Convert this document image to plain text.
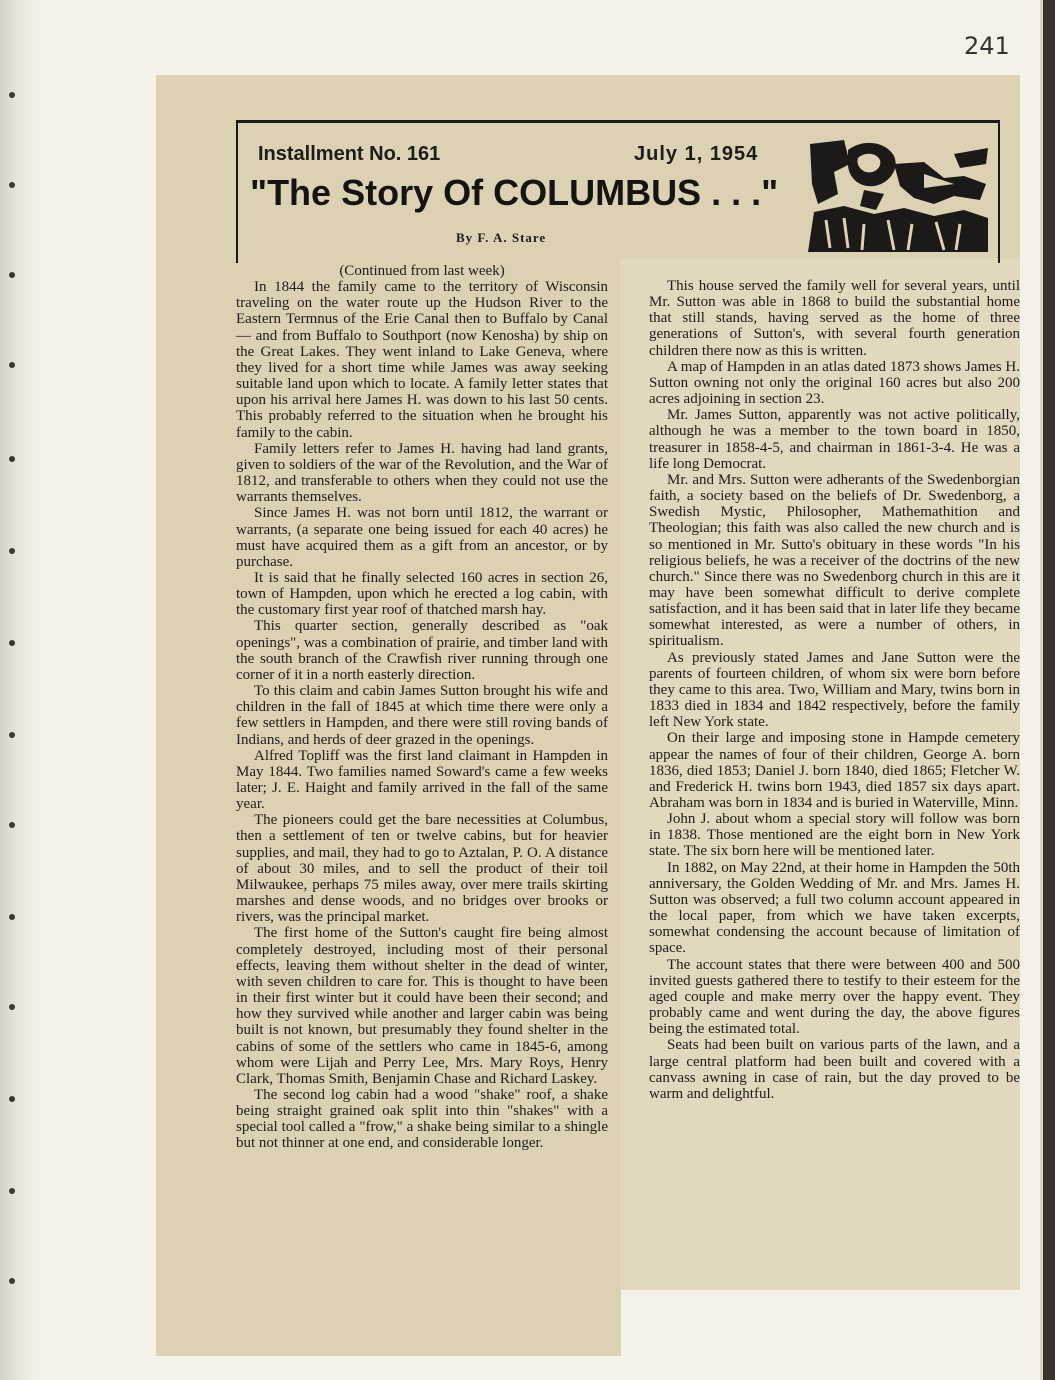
241
Installment No. 161	July 1, 1954
"The Story Of COLUMBUS . . ."
By F. A. Stare

(Continued from last week)

In 1844 the family came to the territory of Wisconsin traveling on the water route up the Hudson River to the Eastern Termnus of the Erie Canal then to Buffalo by Canal — and from Buffalo to Southport (now Kenosha) by ship on the Great Lakes. They went inland to Lake Geneva, where they lived for a short time while James was away seeking suitable land upon which to locate. A family letter states that upon his arrival here James H. was down to his last 50 cents. This probably referred to the situation when he brought his family to the cabin.

Family letters refer to James H. having had land grants, given to soldiers of the war of the Revolution, and the War of 1812, and transferable to others when they could not use the warrants themselves.

Since James H. was not born until 1812, the warrant or warrants, (a separate one being issued for each 40 acres) he must have acquired them as a gift from an ancestor, or by purchase.

It is said that he finally selected 160 acres in section 26, town of Hampden, upon which he erected a log cabin, with the customary first year roof of thatched marsh hay.

This quarter section, generally described as "oak openings", was a combination of prairie, and timber land with the south branch of the Crawfish river running through one corner of it in a north easterly direction.

To this claim and cabin James Sutton brought his wife and children in the fall of 1845 at which time there were only a few settlers in Hampden, and there were still roving bands of Indians, and herds of deer grazed in the openings.

Alfred Topliff was the first land claimant in Hampden in May 1844. Two families named Soward's came a few weeks later; J. E. Haight and family arrived in the fall of the same year.

The pioneers could get the bare necessities at Columbus, then a settlement of ten or twelve cabins, but for heavier supplies, and mail, they had to go to Aztalan, P. O. A distance of about 30 miles, and to sell the product of their toil Milwaukee, perhaps 75 miles away, over mere trails skirting marshes and dense woods, and no bridges over brooks or rivers, was the principal market.

The first home of the Sutton's caught fire being almost completely destroyed, including most of their personal effects, leaving them without shelter in the dead of winter, with seven children to care for. This is thought to have been in their first winter but it could have been their second; and how they survived while another and larger cabin was being built is not known, but presumably they found shelter in the cabins of some of the settlers who came in 1845-6, among whom were Lijah and Perry Lee, Mrs. Mary Roys, Henry Clark, Thomas Smith, Benjamin Chase and Richard Laskey.

The second log cabin had a wood "shake" roof, a shake being straight grained oak split into thin "shakes" with a special tool called a "frow," a shake being similar to a shingle but not thinner at one end, and considerable longer.

This house served the family well for several years, until Mr. Sutton was able in 1868 to build the substantial home that still stands, having served as the home of three generations of Sutton's, with several fourth generation children there now as this is written.

A map of Hampden in an atlas dated 1873 shows James H. Sutton owning not only the original 160 acres but also 200 acres adjoining in section 23.

Mr. James Sutton, apparently was not active politically, although he was a member to the town board in 1850, treasurer in 1858-4-5, and chairman in 1861-3-4. He was a life long Democrat.

Mr. and Mrs. Sutton were adherants of the Swedenborgian faith, a society based on the beliefs of Dr. Swedenborg, a Swedish Mystic, Philosopher, Mathemathition and Theologian; this faith was also called the new church and is so mentioned in Mr. Sutto's obituary in these words "In his religious beliefs, he was a receiver of the doctrins of the new church." Since there was no Swedenborg church in this are it may have been somewhat difficult to derive complete satisfaction, and it has been said that in later life they became somewhat interested, as were a number of others, in spiritualism.

As previously stated James and Jane Sutton were the parents of fourteen children, of whom six were born before they came to this area. Two, William and Mary, twins born in 1833 died in 1834 and 1842 respectively, before the family left New York state.

On their large and imposing stone in Hampde cemetery appear the names of four of their children, George A. born 1836, died 1853; Daniel J. born 1840, died 1865; Fletcher W. and Frederick H. twins born 1943, died 1857 six days apart. Abraham was born in 1834 and is buried in Waterville, Minn.

John J. about whom a special story will follow was born in 1838. Those mentioned are the eight born in New York state. The six born here will be mentioned later.

In 1882, on May 22nd, at their home in Hampden the 50th anniversary, the Golden Wedding of Mr. and Mrs. James H. Sutton was observed; a full two column account appeared in the local paper, from which we have taken excerpts, somewhat condensing the account because of limitation of space.

The account states that there were between 400 and 500 invited guests gathered there to testify to their esteem for the aged couple and make merry over the happy event. They probably came and went during the day, the above figures being the estimated total.

Seats had been built on various parts of the lawn, and a large central platform had been built and covered with a canvass awning in case of rain, but the day proved to be warm and delightful.
